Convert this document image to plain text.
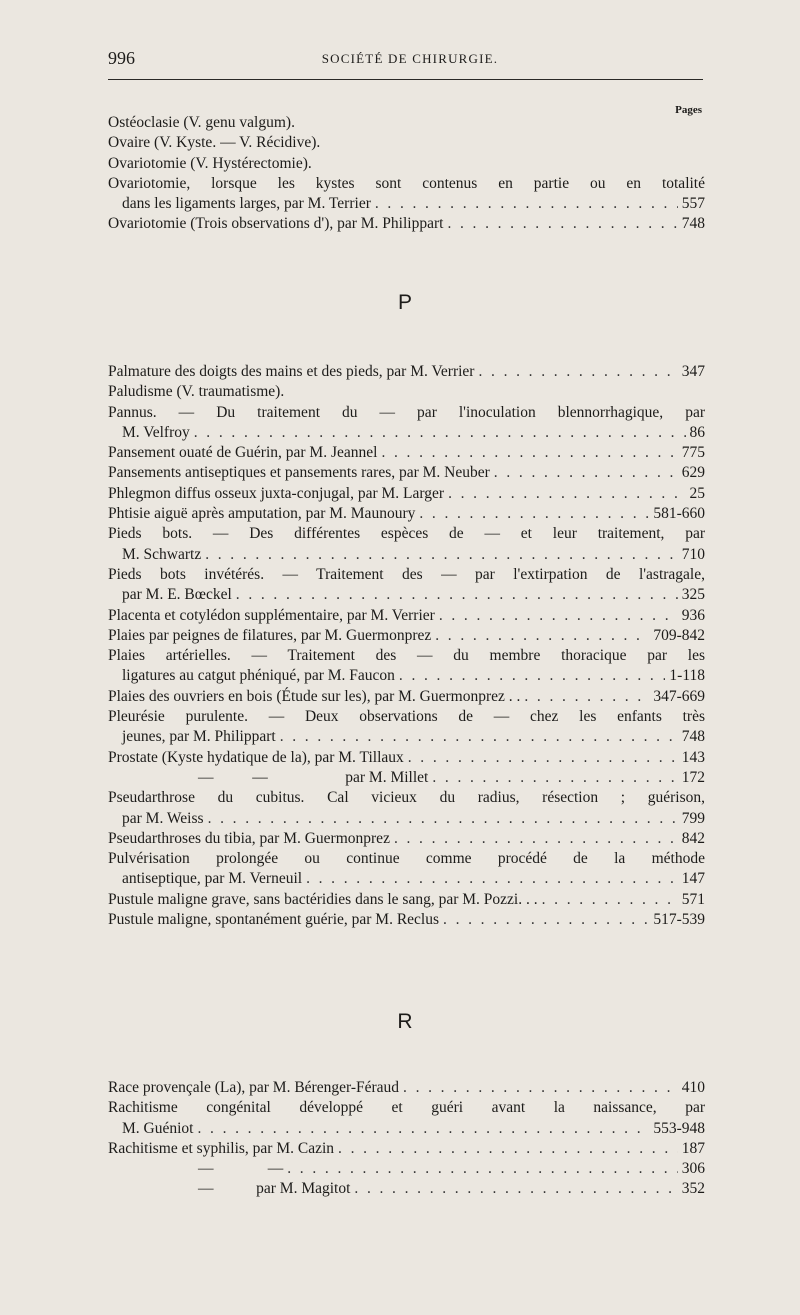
996	SOCIÉTÉ DE CHIRURGIE.
Pages
Ostéoclasie (V. genu valgum).
Ovaire (V. Kyste. — V. Récidive).
Ovariotomie (V. Hystérectomie).
Ovariotomie, lorsque les kystes sont contenus en partie ou en totalité
dans les ligaments larges, par M. Terrier . . .	557
Ovariotomie (Trois observations d'), par M. Philippart . . .	748
P
Palmature des doigts des mains et des pieds, par M. Verrier . . .	347
Paludisme (V. traumatisme).
Pannus. — Du traitement du — par l'inoculation blennorrhagique, par
M. Velfroy . . .	86
Pansement ouaté de Guérin, par M. Jeannel . . .	775
Pansements antiseptiques et pansements rares, par M. Neuber . . .	629
Phlegmon diffus osseux juxta-conjugal, par M. Larger . . .	25
Phtisie aiguë après amputation, par M. Maunoury . . .	581-660
Pieds bots. — Des différentes espèces de — et leur traitement, par
M. Schwartz . . .	710
Pieds bots invétérés. — Traitement des — par l'extirpation de l'astragale,
par M. E. Bœckel . . .	325
Placenta et cotylédon supplémentaire, par M. Verrier . . .	936
Plaies par peignes de filatures, par M. Guermonprez . . .	709-842
Plaies artérielles. — Traitement des — du membre thoracique par les
ligatures au catgut phéniqué, par M. Faucon . . .	1-118
Plaies des ouvriers en bois (Étude sur les), par M. Guermonprez . . . . .	347-669
Pleurésie purulente. — Deux observations de — chez les enfants très
jeunes, par M. Philippart . . .	748
Prostate (Kyste hydatique de la), par M. Tillaux . . .	143
—          —                    par M. Millet . . .	172
Pseudarthrose du cubitus. Cal vicieux du radius, résection ; guérison,
par M. Weiss . . .	799
Pseudarthroses du tibia, par M. Guermonprez . . .	842
Pulvérisation prolongée ou continue comme procédé de la méthode
antiseptique, par M. Verneuil . . .	147
Pustule maligne grave, sans bactéridies dans le sang, par M. Pozzi. . . . . .	571
Pustule maligne, spontanément guérie, par M. Reclus . . .	517-539
R
Race provençale (La), par M. Bérenger-Féraud . . .	410
Rachitisme congénital développé et guéri avant la naissance, par
M. Guéniot . . .	553-948
Rachitisme et syphilis, par M. Cazin . . .	187
—              — . . .	306
—           par M. Magitot . . .	352
